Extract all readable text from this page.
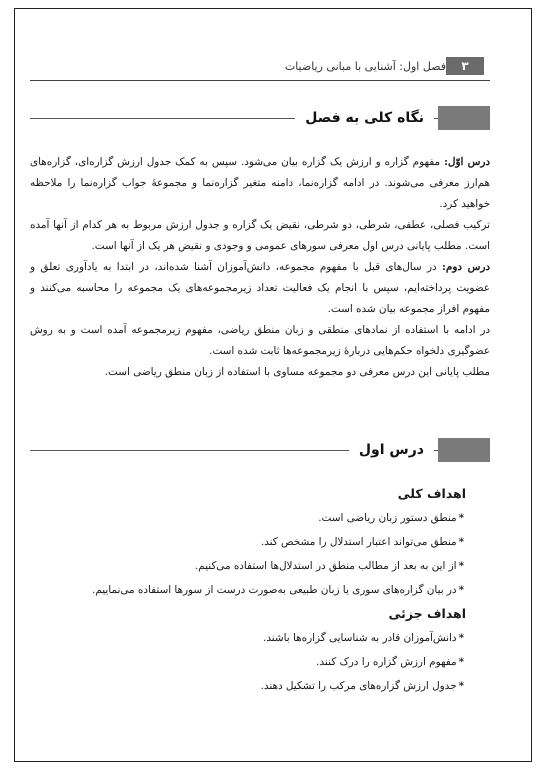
فصل اول: آشنایی با مبانی ریاضیات	۳
نگاه کلی به فصل

درس اوّل: مفهوم گزاره و ارزش یک گزاره بیان می‌شود. سپس به کمک جدول ارزش گزاره‌ای، گزاره‌های هم‌ارز معرفی می‌شوند. در ادامه گزاره‌نما، دامنه متغیر گزاره‌نما و مجموعهٔ جواب گزاره‌نما را ملاحظه خواهید کرد.

ترکیب فصلی، عطفی، شرطی، دو شرطی، نقیض یک گزاره و جدول ارزش مربوط به هر کدام از آنها آمده است. مطلب پایانی درس اول معرفی سورهای عمومی و وجودی و نقیض هر یک از آنها است.

درس دوم: در سال‌های قبل با مفهوم مجموعه، دانش‌آموزان آشنا شده‌اند، در ابتدا به یادآوری تعلق و عضویت پرداخته‌ایم، سپس با انجام یک فعالیت تعداد زیرمجموعه‌های یک مجموعه را محاسبه می‌کنند و مفهوم افراز مجموعه بیان شده است.

در ادامه با استفاده از نمادهای منطقی و زبان منطق ریاضی، مفهوم زیرمجموعه آمده است و به روش عضوگیری دلخواه حکم‌هایی دربارهٔ زیرمجموعه‌ها ثابت شده است.

مطلب پایانی این درس معرفی دو مجموعه مساوی با استفاده از زبان منطق ریاضی است.

درس اول
اهداف کلی
*منطق دستور زبان ریاضی است.
*منطق می‌تواند اعتبار استدلال را مشخص کند.
*از این به بعد از مطالب منطق در استدلال‌ها استفاده می‌کنیم.
*در بیان گزاره‌های سوری یا زبان طبیعی به‌صورت درست از سورها استفاده می‌نماییم.
اهداف جزئی
*دانش‌آموزان قادر به شناسایی گزاره‌ها باشند.
*مفهوم ارزش گزاره را درک کنند.
*جدول ارزش گزاره‌های مرکب را تشکیل دهند.
